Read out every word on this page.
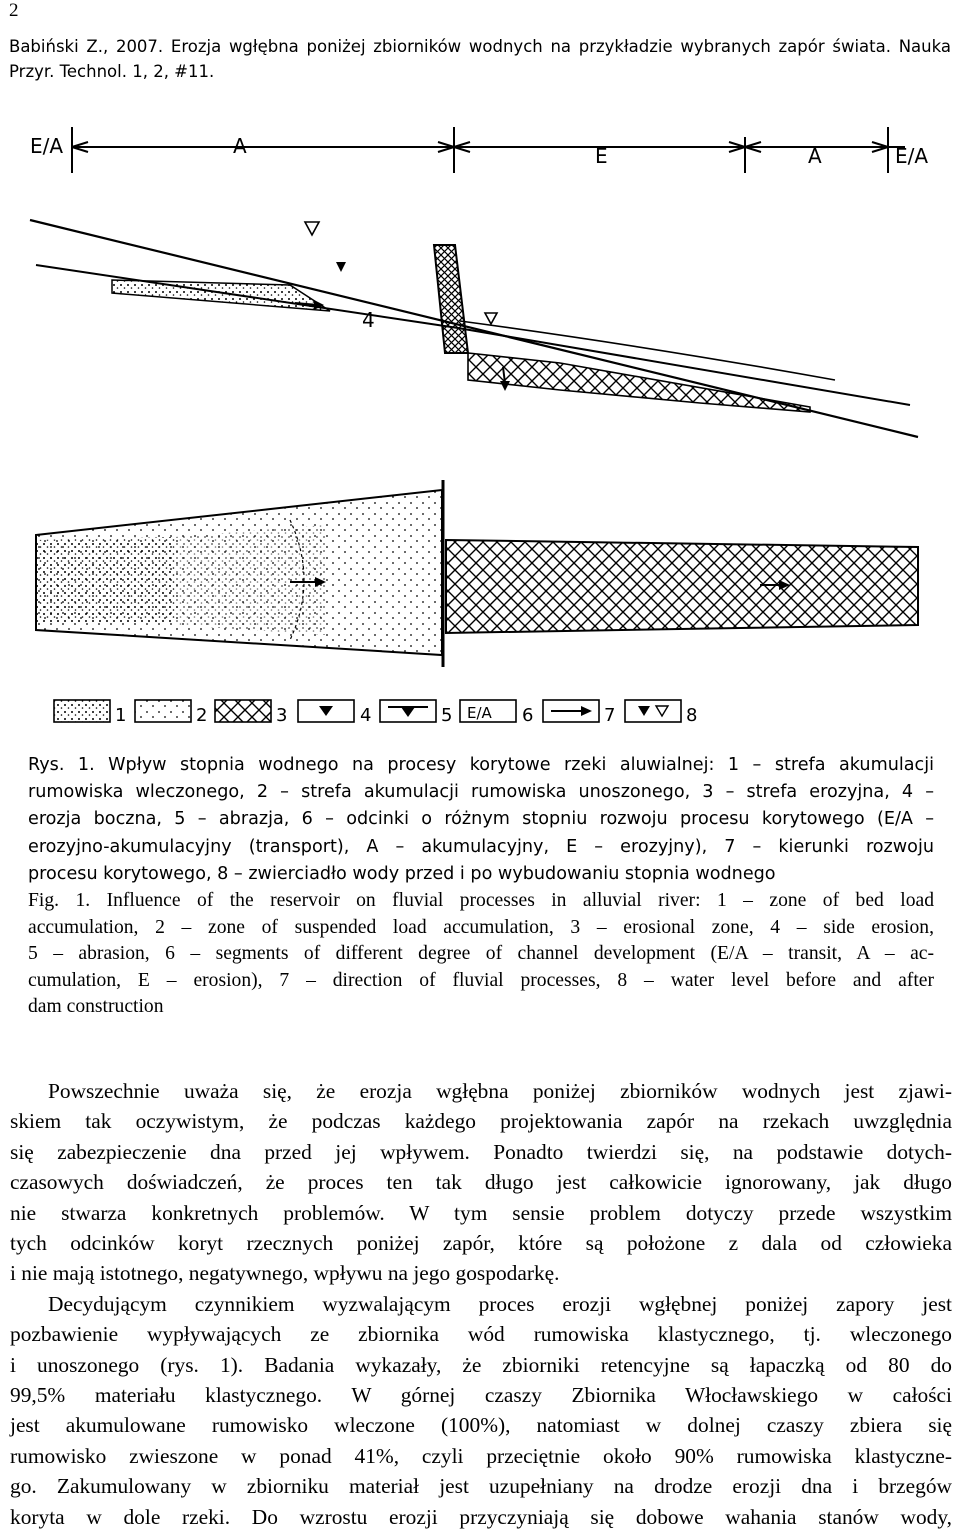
2
Babiński Z., 2007. Erozja wgłębna poniżej zbiorników wodnych na przykładzie wybranych zapór świata. Nauka Przyr. Technol. 1, 2, #11.
E/A	A	E	A	E/A
4
1	2	3	4	5 E/A 6	7	8
Rys. 1. Wpływ stopnia wodnego na procesy korytowe rzeki aluwialnej: 1 – strefa akumulacji
rumowiska wleczonego, 2 – strefa akumulacji rumowiska unoszonego, 3 – strefa erozyjna, 4 –
erozja boczna, 5 – abrazja, 6 – odcinki o różnym stopniu rozwoju procesu korytowego (E/A –
erozyjno-akumulacyjny (transport), A – akumulacyjny, E – erozyjny), 7 – kierunki rozwoju
procesu korytowego, 8 – zwierciadło wody przed i po wybudowaniu stopnia wodnego
Fig. 1. Influence of the reservoir on fluvial processes in alluvial river: 1 – zone of bed load
accumulation, 2 – zone of suspended load accumulation, 3 – erosional zone, 4 – side erosion,
5 – abrasion, 6 – segments of different degree of channel development (E/A – transit, A – ac-
cumulation, E – erosion), 7 – direction of fluvial processes, 8 – water level before and after
dam construction
Powszechnie uważa się, że erozja wgłębna poniżej zbiorników wodnych jest zjawi-
skiem tak oczywistym, że podczas każdego projektowania zapór na rzekach uwzględnia
się zabezpieczenie dna przed jej wpływem. Ponadto twierdzi się, na podstawie dotych-
czasowych doświadczeń, że proces ten tak długo jest całkowicie ignorowany, jak długo
nie stwarza konkretnych problemów. W tym sensie problem dotyczy przede wszystkim
tych odcinków koryt rzecznych poniżej zapór, które są położone z dala od człowieka
i nie mają istotnego, negatywnego, wpływu na jego gospodarkę.
Decydującym czynnikiem wyzwalającym proces erozji wgłębnej poniżej zapory jest
pozbawienie wypływających ze zbiornika wód rumowiska klastycznego, tj. wleczonego
i unoszonego (rys. 1). Badania wykazały, że zbiorniki retencyjne są łapaczką od 80 do
99,5% materiału klastycznego. W górnej czaszy Zbiornika Włocławskiego w całości
jest akumulowane rumowisko wleczone (100%), natomiast w dolnej czaszy zbiera się
rumowisko zwieszone w ponad 41%, czyli przeciętnie około 90% rumowiska klastyczne-
go. Zakumulowany w zbiorniku materiał jest uzupełniany na drodze erozji dna i brzegów
koryta w dole rzeki. Do wzrostu erozji przyczyniają się dobowe wahania stanów wody,
